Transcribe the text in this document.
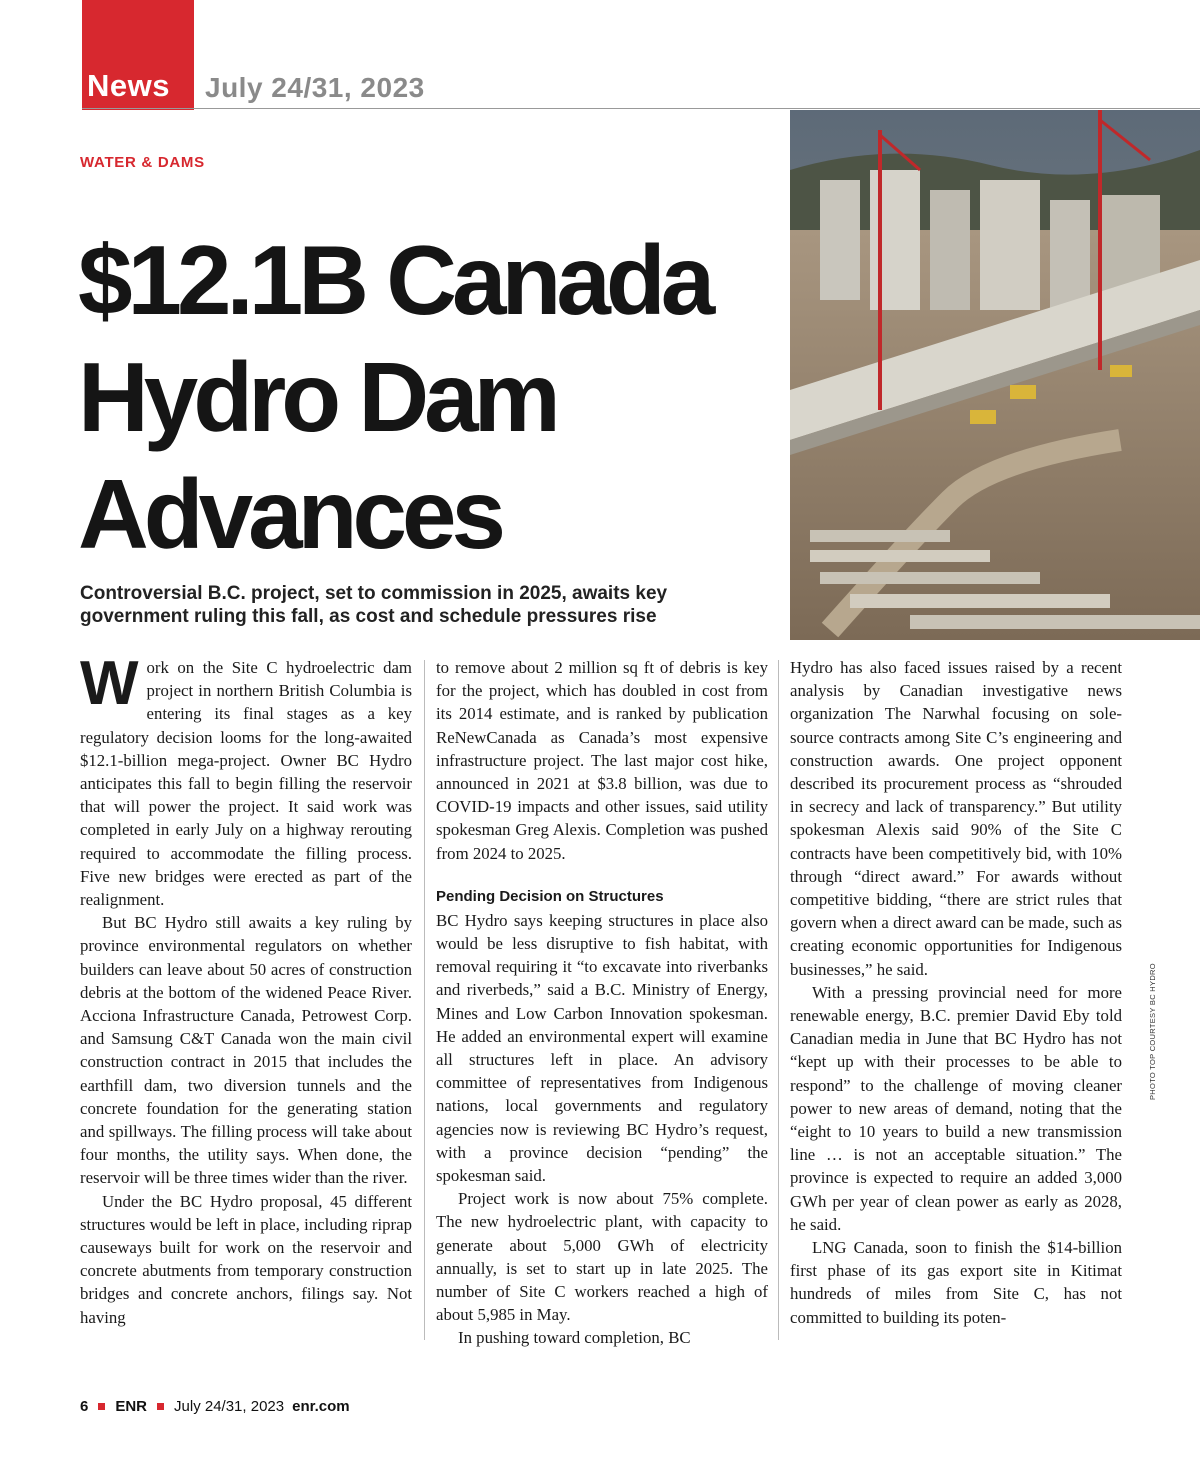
News July 24/31, 2023
WATER & DAMS
$12.1B Canada
Hydro Dam
Advances
Controversial B.C. project, set to commission in 2025, awaits key
government ruling this fall, as cost and schedule pressures rise

Work on the Site C hydroelectric dam project in northern British Columbia is entering its final stages as a key regulatory decision looms for the long-awaited $12.1-billion mega-project. Owner BC Hydro anticipates this fall to begin filling the reservoir that will power the project. It said work was completed in early July on a highway rerouting required to accommodate the filling process. Five new bridges were erected as part of the realignment.

But BC Hydro still awaits a key ruling by province environmental regulators on whether builders can leave about 50 acres of construction debris at the bottom of the widened Peace River. Acciona Infrastructure Canada, Petrowest Corp. and Samsung C&T Canada won the main civil construction contract in 2015 that includes the earthfill dam, two diversion tunnels and the concrete foundation for the generating station and spillways. The filling process will take about four months, the utility says. When done, the reservoir will be three times wider than the river.

Under the BC Hydro proposal, 45 different structures would be left in place, including riprap causeways built for work on the reservoir and concrete abutments from temporary construction bridges and concrete anchors, filings say. Not having

to remove about 2 million sq ft of debris is key for the project, which has doubled in cost from its 2014 estimate, and is ranked by publication ReNewCanada as Canada’s most expensive infrastructure project. The last major cost hike, announced in 2021 at $3.8 billion, was due to COVID-19 impacts and other issues, said utility spokesman Greg Alexis. Completion was pushed from 2024 to 2025.

Pending Decision on Structures

BC Hydro says keeping structures in place also would be less disruptive to fish habitat, with removal requiring it “to excavate into riverbanks and riverbeds,” said a B.C. Ministry of Energy, Mines and Low Carbon Innovation spokesman. He added an environmental expert will examine all structures left in place. An advisory committee of representatives from Indigenous nations, local governments and regulatory agencies now is reviewing BC Hydro’s request, with a province decision “pending” the spokesman said.

Project work is now about 75% complete. The new hydroelectric plant, with capacity to generate about 5,000 GWh of electricity annually, is set to start up in late 2025. The number of Site C workers reached a high of about 5,985 in May.

In pushing toward completion, BC

Hydro has also faced issues raised by a recent analysis by Canadian investigative news organization The Narwhal focusing on sole-source contracts among Site C’s engineering and construction awards. One project opponent described its procurement process as “shrouded in secrecy and lack of transparency.” But utility spokesman Alexis said 90% of the Site C contracts have been competitively bid, with 10% through “direct award.” For awards without competitive bidding, “there are strict rules that govern when a direct award can be made, such as creating economic opportunities for Indigenous businesses,” he said.

With a pressing provincial need for more renewable energy, B.C. premier David Eby told Canadian media in June that BC Hydro has not “kept up with their processes to be able to respond” to the challenge of moving cleaner power to new areas of demand, noting that the “eight to 10 years to build a new transmission line … is not an acceptable situation.” The province is expected to require an added 3,000 GWh per year of clean power as early as 2028, he said.

LNG Canada, soon to finish the $14-billion first phase of its gas export site in Kitimat hundreds of miles from Site C, has not committed to building its poten-

PHOTO TOP COURTESY BC HYDRO
6 ENR July 24/31, 2023 enr.com
